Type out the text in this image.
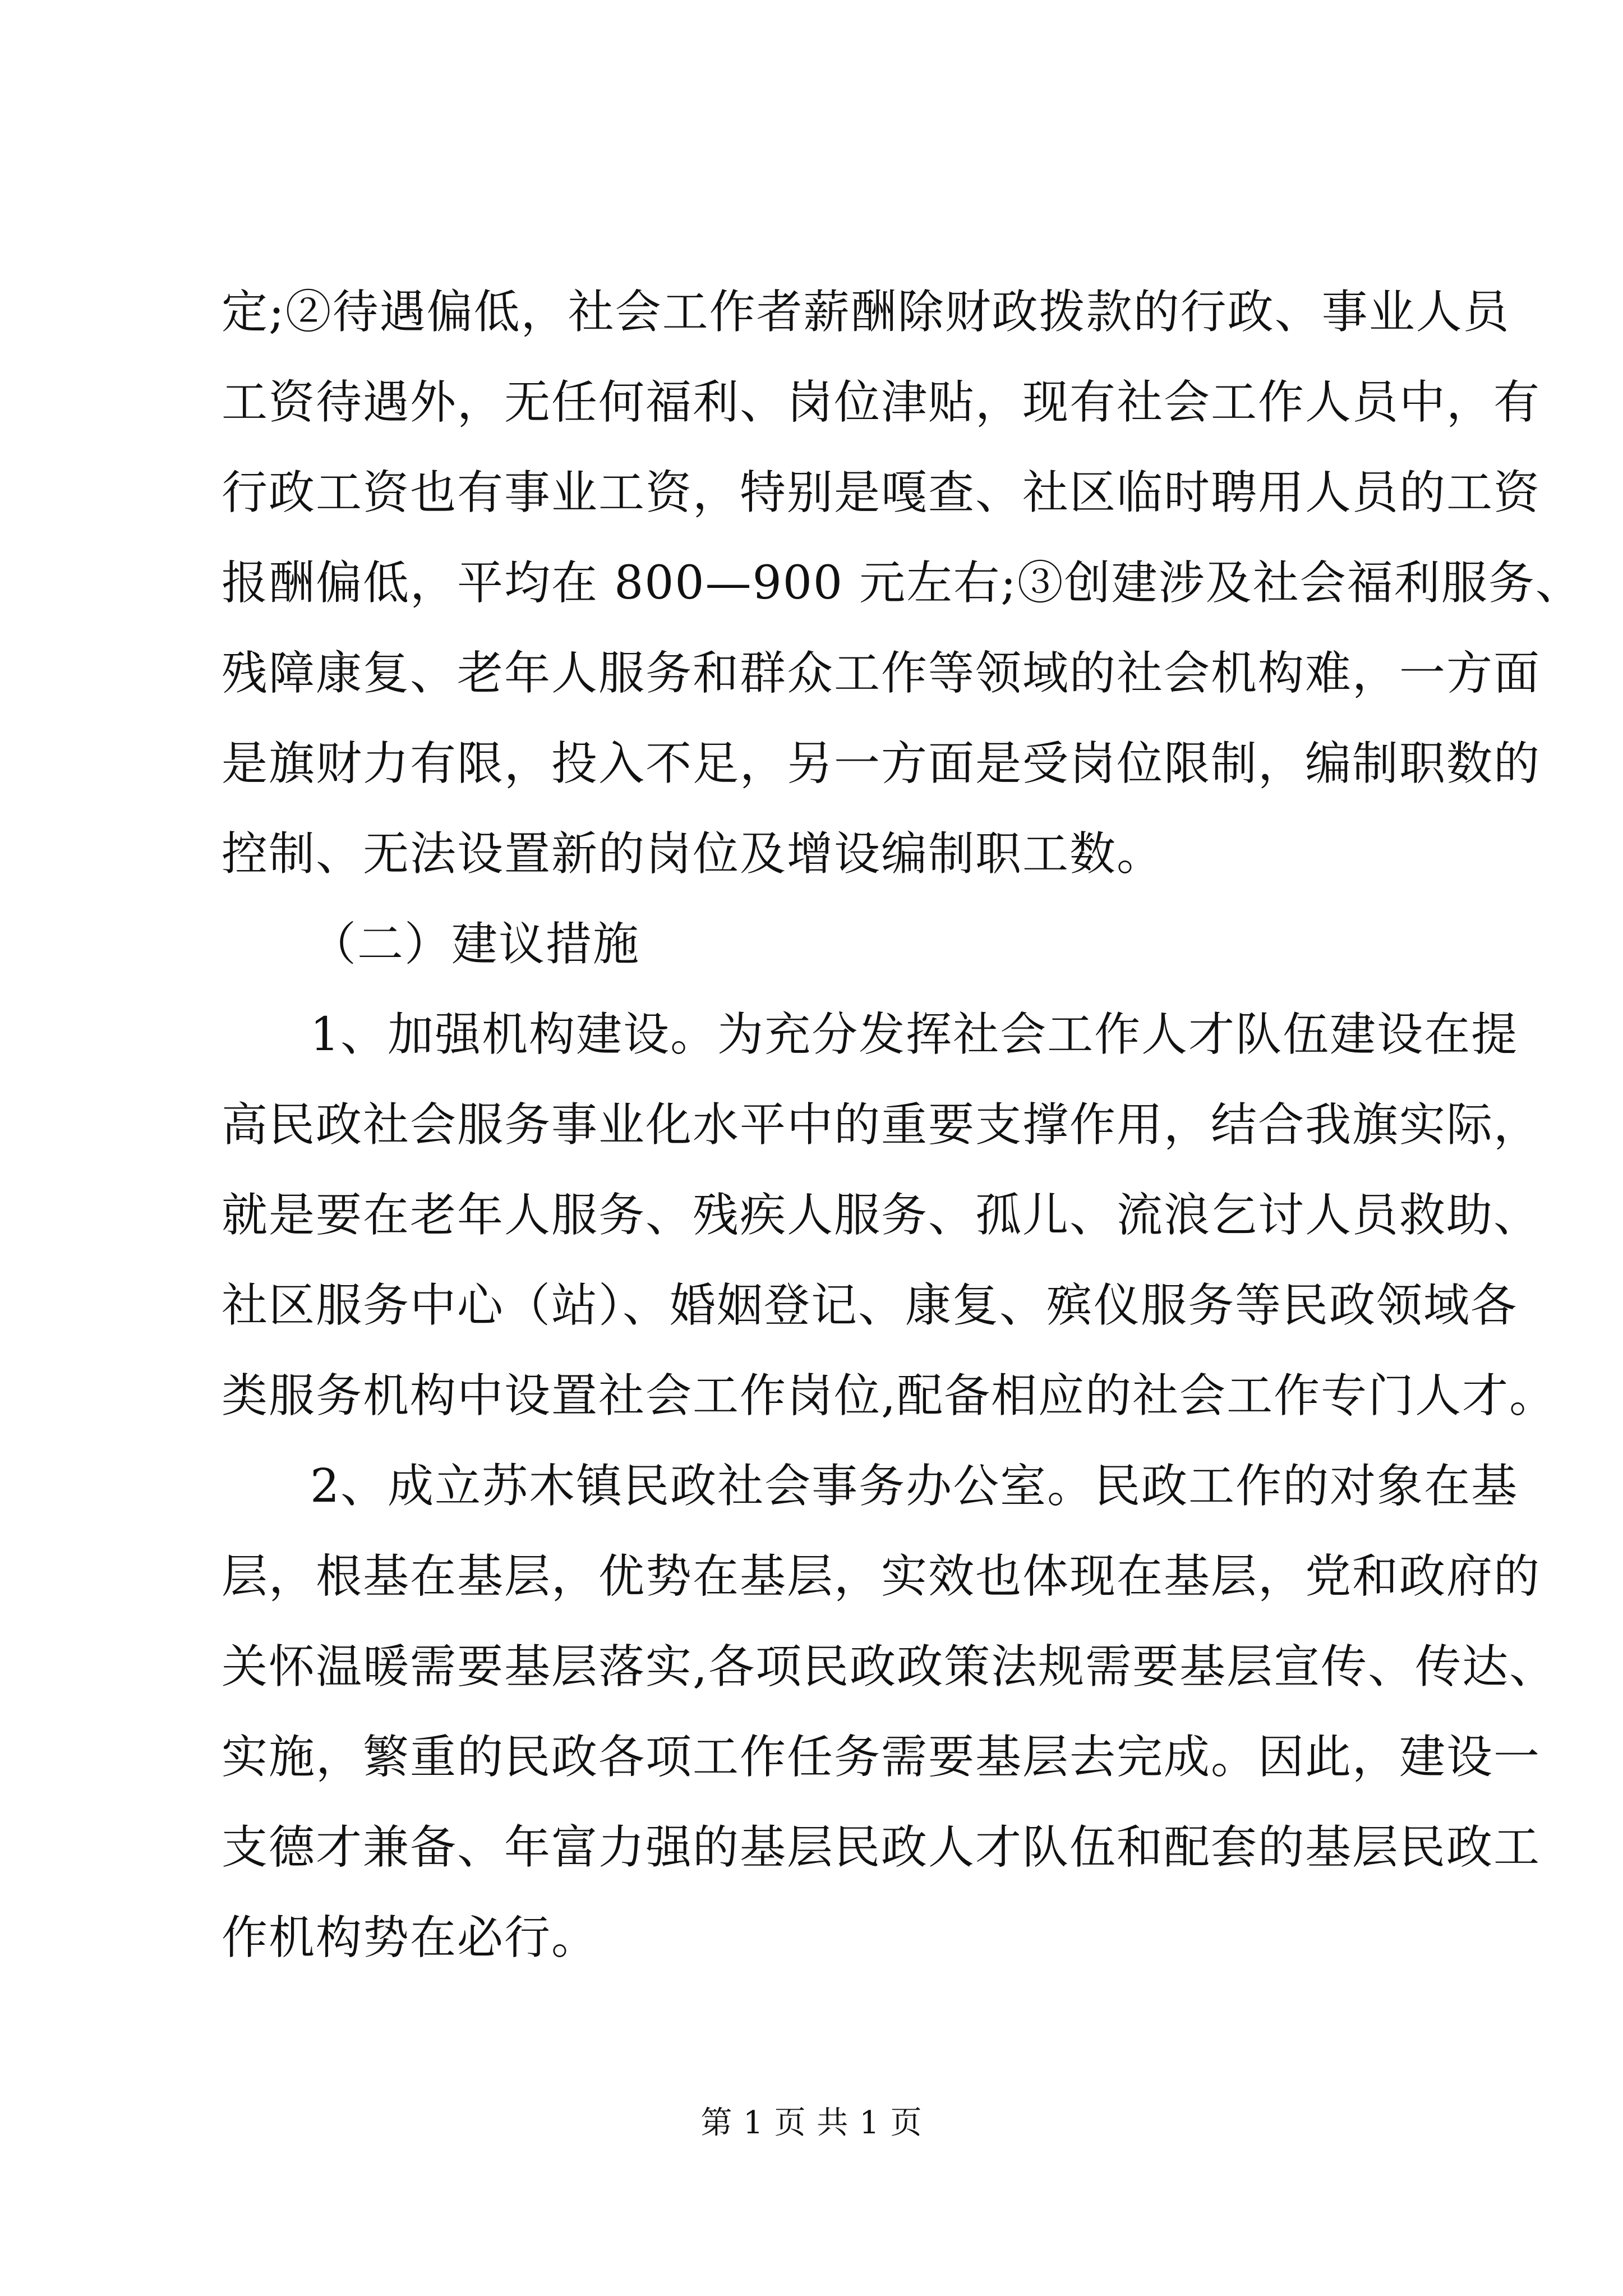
定;②待遇偏低，社会工作者薪酬除财政拨款的行政、事业人员
工资待遇外，无任何福利、岗位津贴，现有社会工作人员中，有
行政工资也有事业工资，特别是嘎查、社区临时聘用人员的工资
报酬偏低，平均在 800—900 元左右;③创建涉及社会福利服务、
残障康复、老年人服务和群众工作等领域的社会机构难，一方面
是旗财力有限，投入不足，另一方面是受岗位限制，编制职数的
控制、无法设置新的岗位及增设编制职工数。
（二）建议措施
1、加强机构建设。为充分发挥社会工作人才队伍建设在提
高民政社会服务事业化水平中的重要支撑作用，结合我旗实际，
就是要在老年人服务、残疾人服务、孤儿、流浪乞讨人员救助、
社区服务中心（站）、婚姻登记、康复、殡仪服务等民政领域各
类服务机构中设置社会工作岗位,配备相应的社会工作专门人才。
2、成立苏木镇民政社会事务办公室。民政工作的对象在基
层，根基在基层，优势在基层，实效也体现在基层，党和政府的
关怀温暖需要基层落实,各项民政政策法规需要基层宣传、传达、
实施，繁重的民政各项工作任务需要基层去完成。因此，建设一
支德才兼备、年富力强的基层民政人才队伍和配套的基层民政工
作机构势在必行。
第 1 页 共 1 页
